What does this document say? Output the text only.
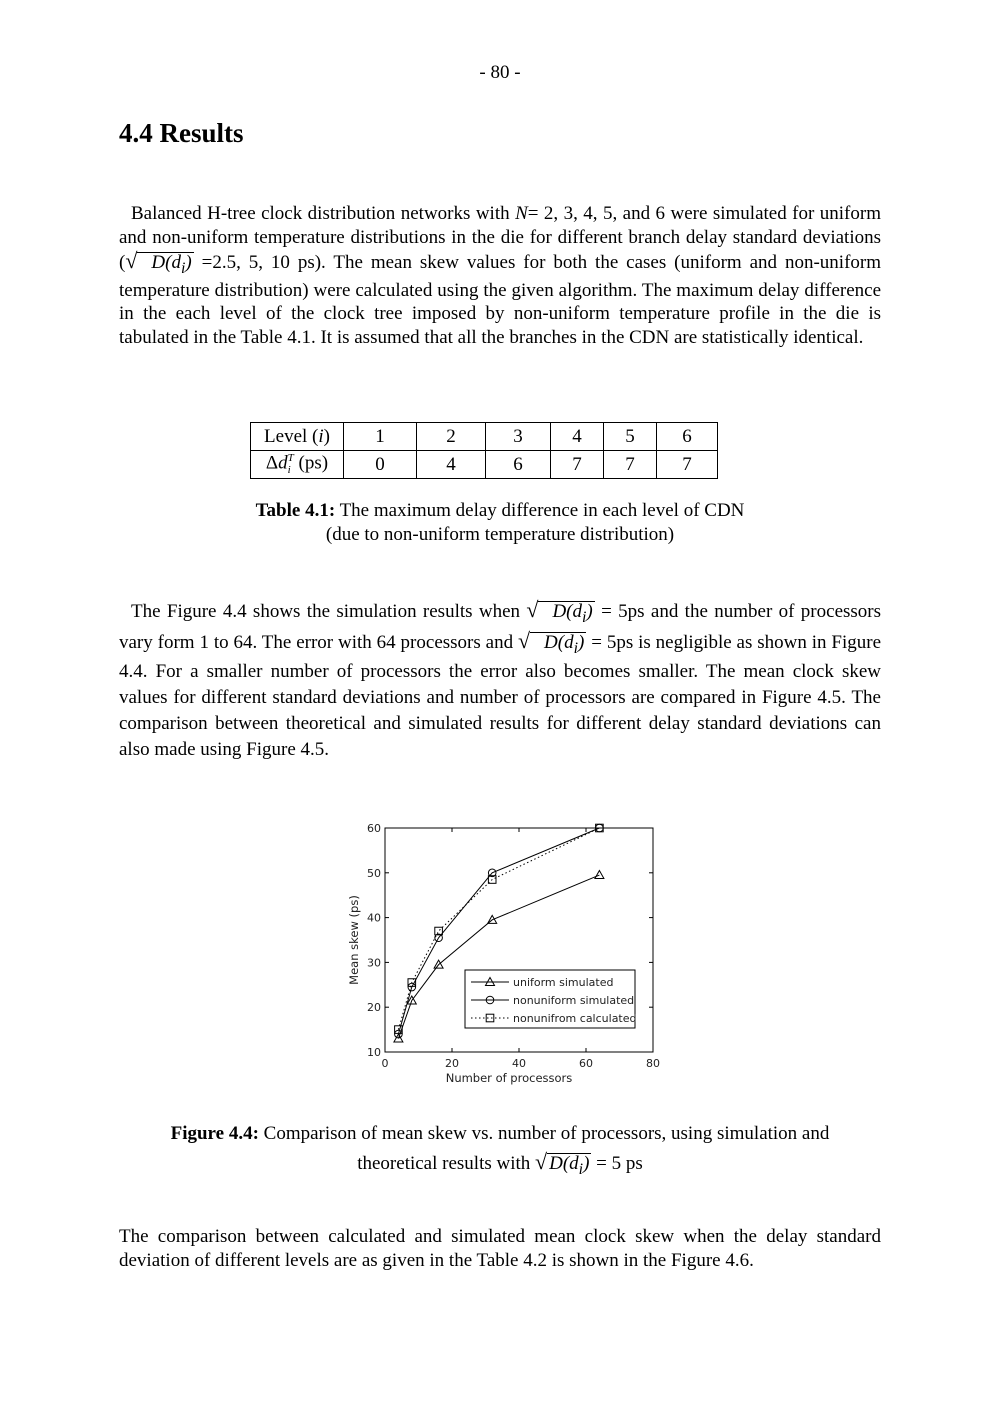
- 80 -
4.4 Results
Balanced H-tree clock distribution networks with N= 2, 3, 4, 5, and 6 were simulated for uniform and non-uniform temperature distributions in the die for different branch delay standard deviations (√ $D(d_i) =2.5$, 5, 10 ps). The mean skew values for both the cases (uniform and non-uniform temperature distribution) were calculated using the given algorithm. The maximum delay difference in the each level of the clock tree imposed by non-uniform temperature profile in the die is tabulated in the Table 4.1. It is assumed that all the branches in the CDN are statistically identical.
Level (i)	1	2	3	4	5	6
$\Delta d_i^T$ (ps)	0	4	6	7	7	7
Table 4.1: The maximum delay difference in each level of CDN
(due to non-uniform temperature distribution)
The Figure 4.4 shows the simulation results when √ $D(d_i) = 5ps$ and the number of processors vary form 1 to 64. The error with 64 processors and √ $D(d_i) = 5ps$ is negligible as shown in Figure 4.4. For a smaller number of processors the error also becomes smaller. The mean clock skew values for different standard deviations and number of processors are compared in Figure 4.5. The comparison between theoretical and simulated results for different delay standard deviations can also made using Figure 4.5.
0	20	40	60	80
10
20
30
40
50
60
Number of processors
Mean skew (ps)	uniform simulated
nonuniform simulated
nonunifrom calculated
Figure 4.4: Comparison of mean skew vs. number of processors, using simulation and
theoretical results with √ $D(d_i) = 5$ ps
The comparison between calculated and simulated mean clock skew when the delay standard deviation of different levels are as given in the Table 4.2 is shown in the Figure 4.6.
